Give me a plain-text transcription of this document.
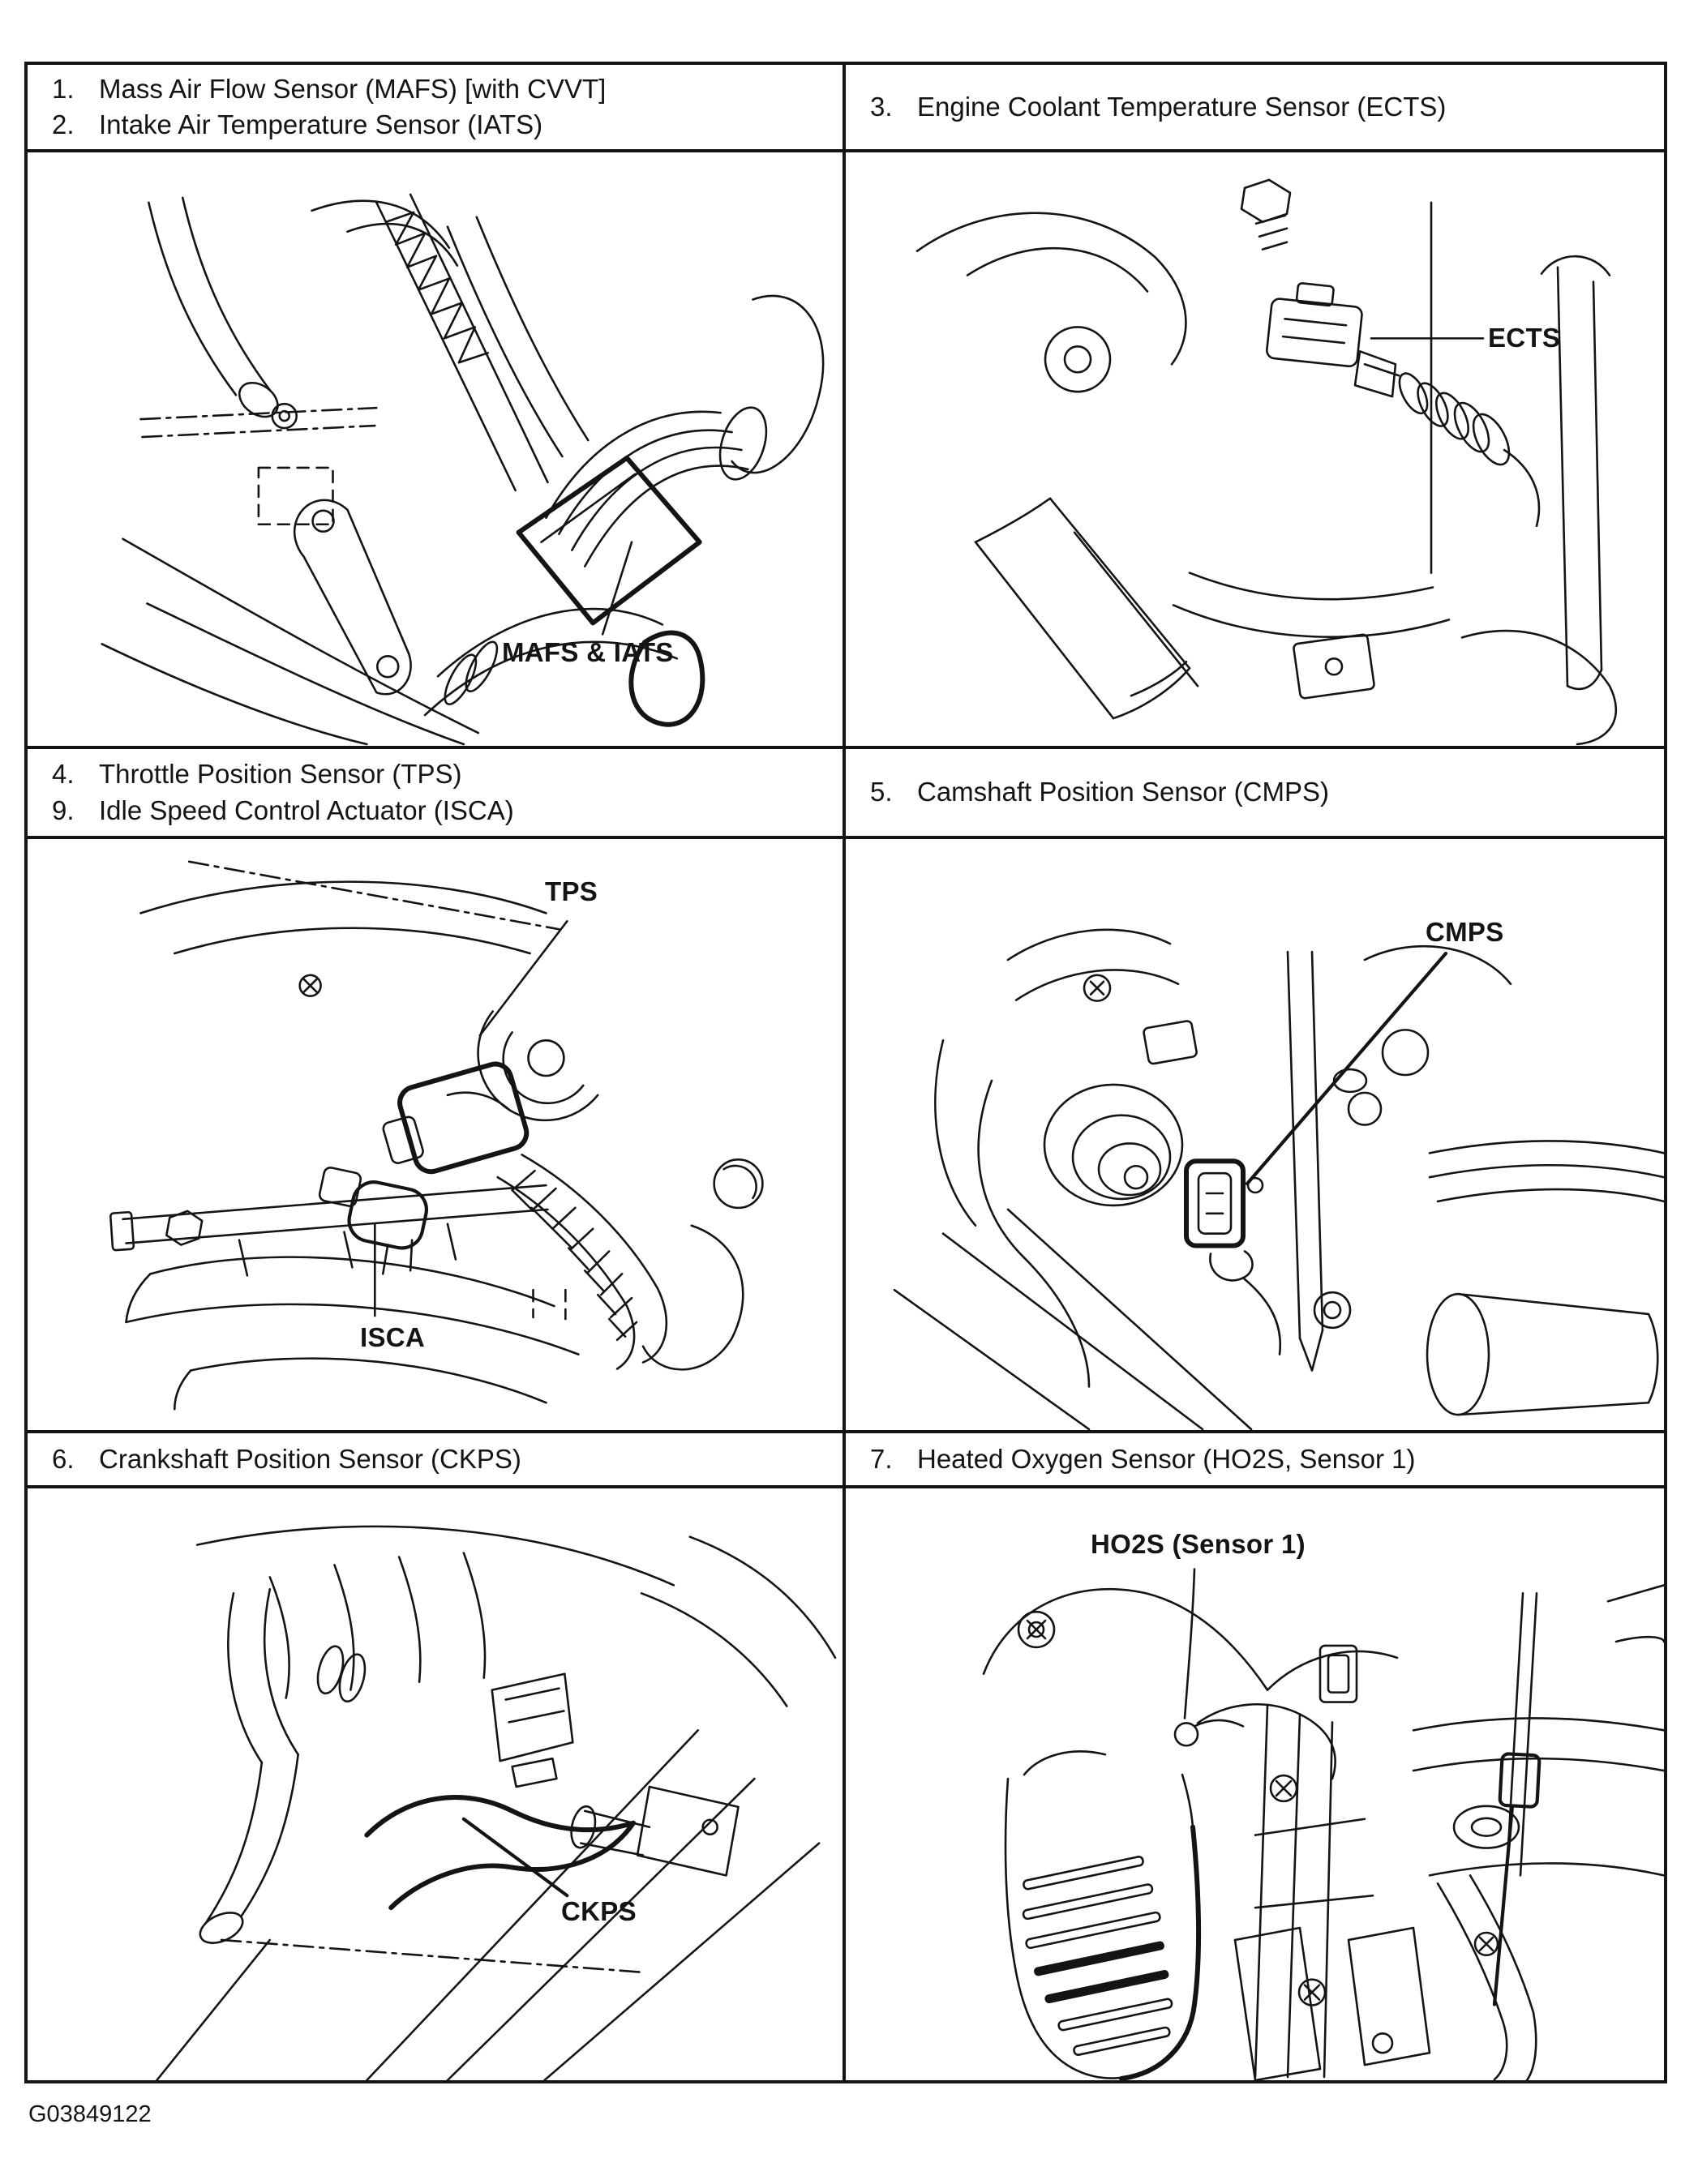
1. Mass Air Flow Sensor (MAFS) [with CVVT]
2. Intake Air Temperature Sensor (IATS)
3. Engine Coolant Temperature Sensor (ECTS)
MAFS & IATS
ECTS
4. Throttle Position Sensor (TPS)
9. Idle Speed Control Actuator (ISCA)
5. Camshaft Position Sensor (CMPS)
TPS
ISCA
CMPS
6. Crankshaft Position Sensor (CKPS)	7. Heated Oxygen Sensor (HO2S, Sensor 1)
CKPS
HO2S (Sensor 1)
G03849122
